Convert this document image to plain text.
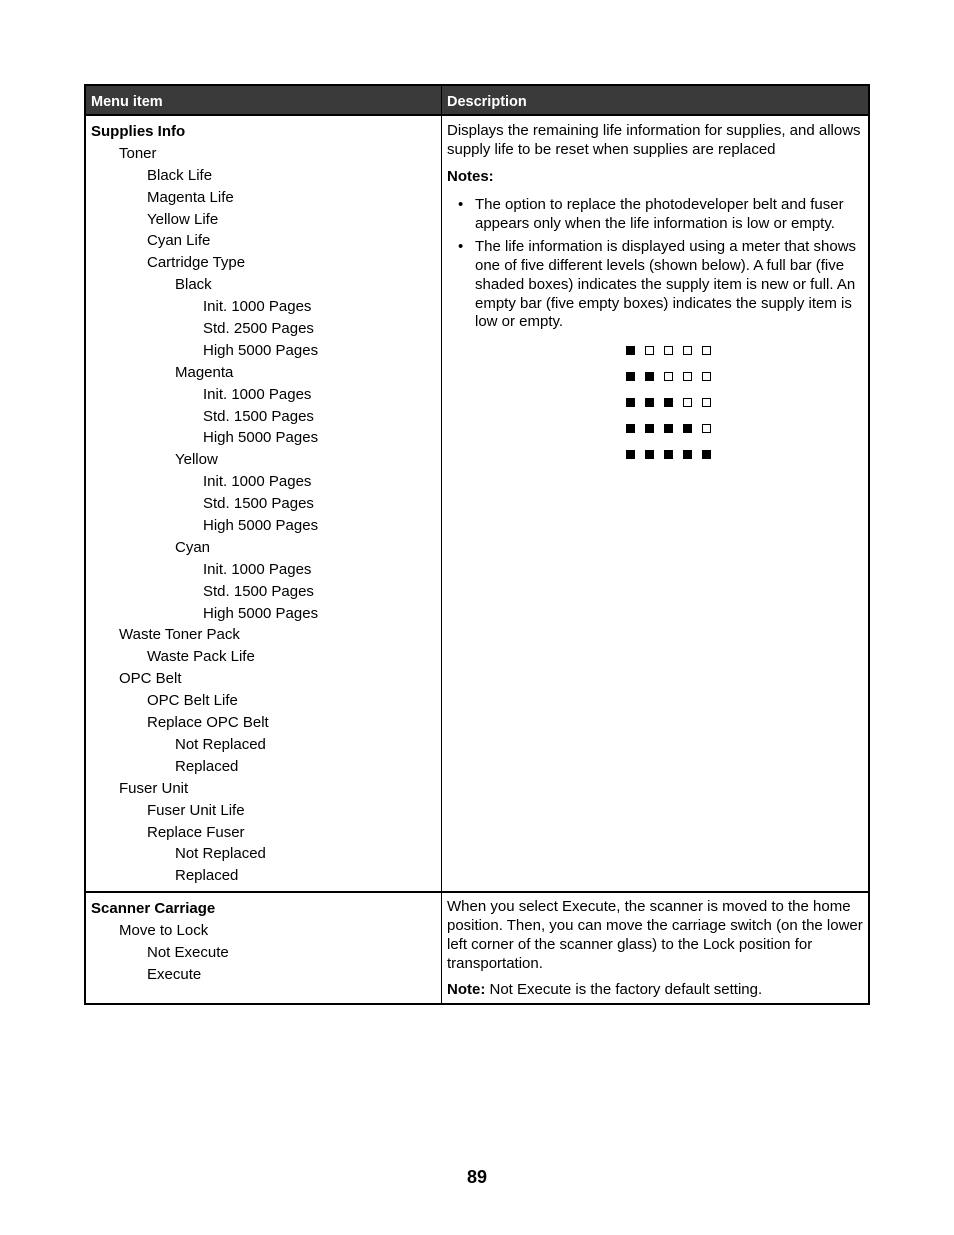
Menu item	Description
Supplies Info
Toner
Black Life
Magenta Life
Yellow Life
Cyan Life
Cartridge Type
Black
Init. 1000 Pages
Std. 2500 Pages
High 5000 Pages
Magenta
Init. 1000 Pages
Std. 1500 Pages
High 5000 Pages
Yellow
Init. 1000 Pages
Std. 1500 Pages
High 5000 Pages
Cyan
Init. 1000 Pages
Std. 1500 Pages
High 5000 Pages
Waste Toner Pack
Waste Pack Life
OPC Belt
OPC Belt Life
Replace OPC Belt
Not Replaced
Replaced
Fuser Unit
Fuser Unit Life
Replace Fuser
Not Replaced
Replaced

Displays the remaining life information for supplies, and allows supply life to be reset when supplies are replaced

Notes:
• The option to replace the photodeveloper belt and fuser appears only when the life information is low or empty.
• The life information is displayed using a meter that shows one of five different levels (shown below). A full bar (five shaded boxes) indicates the supply item is new or full. An empty bar (five empty boxes) indicates the supply item is low or empty.
Scanner Carriage
Move to Lock
Not Execute
Execute

When you select Execute, the scanner is moved to the home position. Then, you can move the carriage switch (on the lower left corner of the scanner glass) to the Lock position for transportation.

Note: Not Execute is the factory default setting.
89
